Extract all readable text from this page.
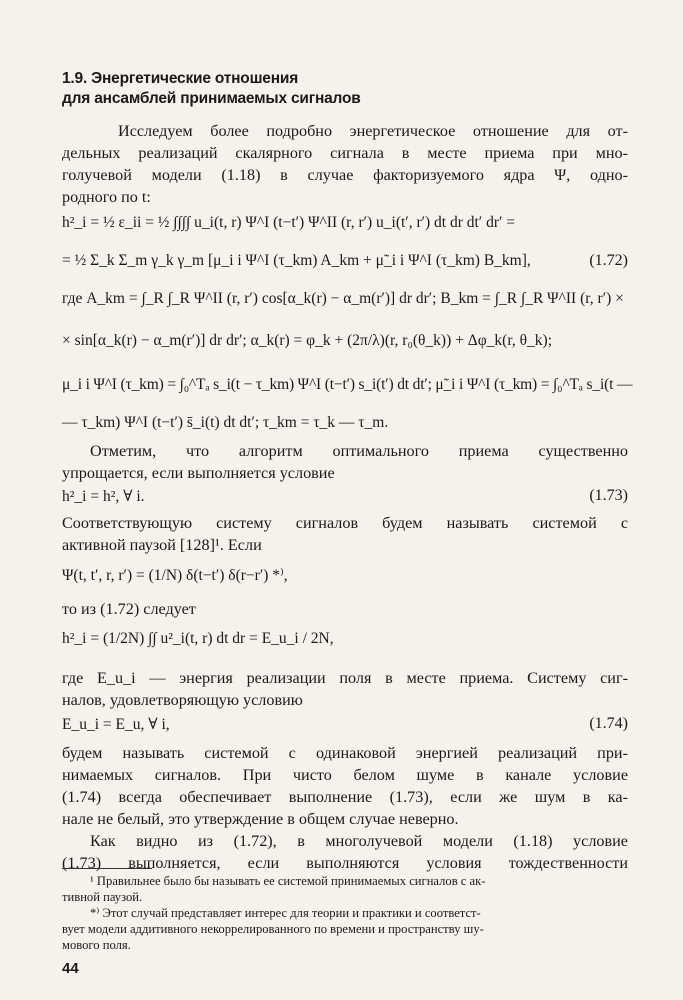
1.9. Энергетические отношения
для ансамблей принимаемых сигналов
Исследуем более подробно энергетическое отношение для от-
дельных реализаций скалярного сигнала в месте приема при мно-
голучевой модели (1.18) в случае факторизуемого ядра Ψ, одно-
родного по t:
h²_i = ½ ε_ii = ½ ∫∫∫∫ u_i(t, r) Ψ^I (t−t′) Ψ^II (r, r′) u_i(t′, r′) dt dr dt′ dr′ =
= ½ Σ_k Σ_m γ_k γ_m [μ_i i Ψ^I (τ_km) A_km + μ̃_i i Ψ^I (τ_km) B_km],	(1.72)
где A_km = ∫_R ∫_R Ψ^II (r, r′) cos[α_k(r) − α_m(r′)] dr dr′; B_km = ∫_R ∫_R Ψ^II (r, r′) ×
× sin[α_k(r) − α_m(r′)] dr dr′; α_k(r) = φ_k + (2π/λ)(r, r₀(θ_k)) + Δφ_k(r, θ_k);
μ_i i Ψ^I (τ_km) = ∫₀^Tₐ s_i(t − τ_km) Ψ^I (t−t′) s_i(t′) dt dt′; μ̃_i i Ψ^I (τ_km) = ∫₀^Tₐ s_i(t —
— τ_km) Ψ^I (t−t′) s̄_i(t) dt dt′; τ_km = τ_k — τ_m.
Отметим, что алгоритм оптимального приема существенно
упрощается, если выполняется условие
h²_i = h², ∀ i.	(1.73)
Соответствующую систему сигналов будем называть системой с
активной паузой [128]¹. Если
Ψ(t, t′, r, r′) = (1/N) δ(t−t′) δ(r−r′) *⁾,
то из (1.72) следует
h²_i = (1/2N) ∫∫ u²_i(t, r) dt dr = E_u_i / 2N,
где E_u_i — энергия реализации поля в месте приема. Систему сиг-
налов, удовлетворяющую условию
E_u_i = E_u, ∀ i,	(1.74)
будем называть системой с одинаковой энергией реализаций при-
нимаемых сигналов. При чисто белом шуме в канале условие
(1.74) всегда обеспечивает выполнение (1.73), если же шум в ка-
нале не белый, это утверждение в общем случае неверно.
Как видно из (1.72), в многолучевой модели (1.18) условие
(1.73) выполняется, если выполняются условия тождественности
¹ Правильнее было бы называть ее системой принимаемых сигналов с ак-
тивной паузой.
*⁾ Этот случай представляет интерес для теории и практики и соответст-
вует модели аддитивного некоррелированного по времени и пространству шу-
мового поля.
44
